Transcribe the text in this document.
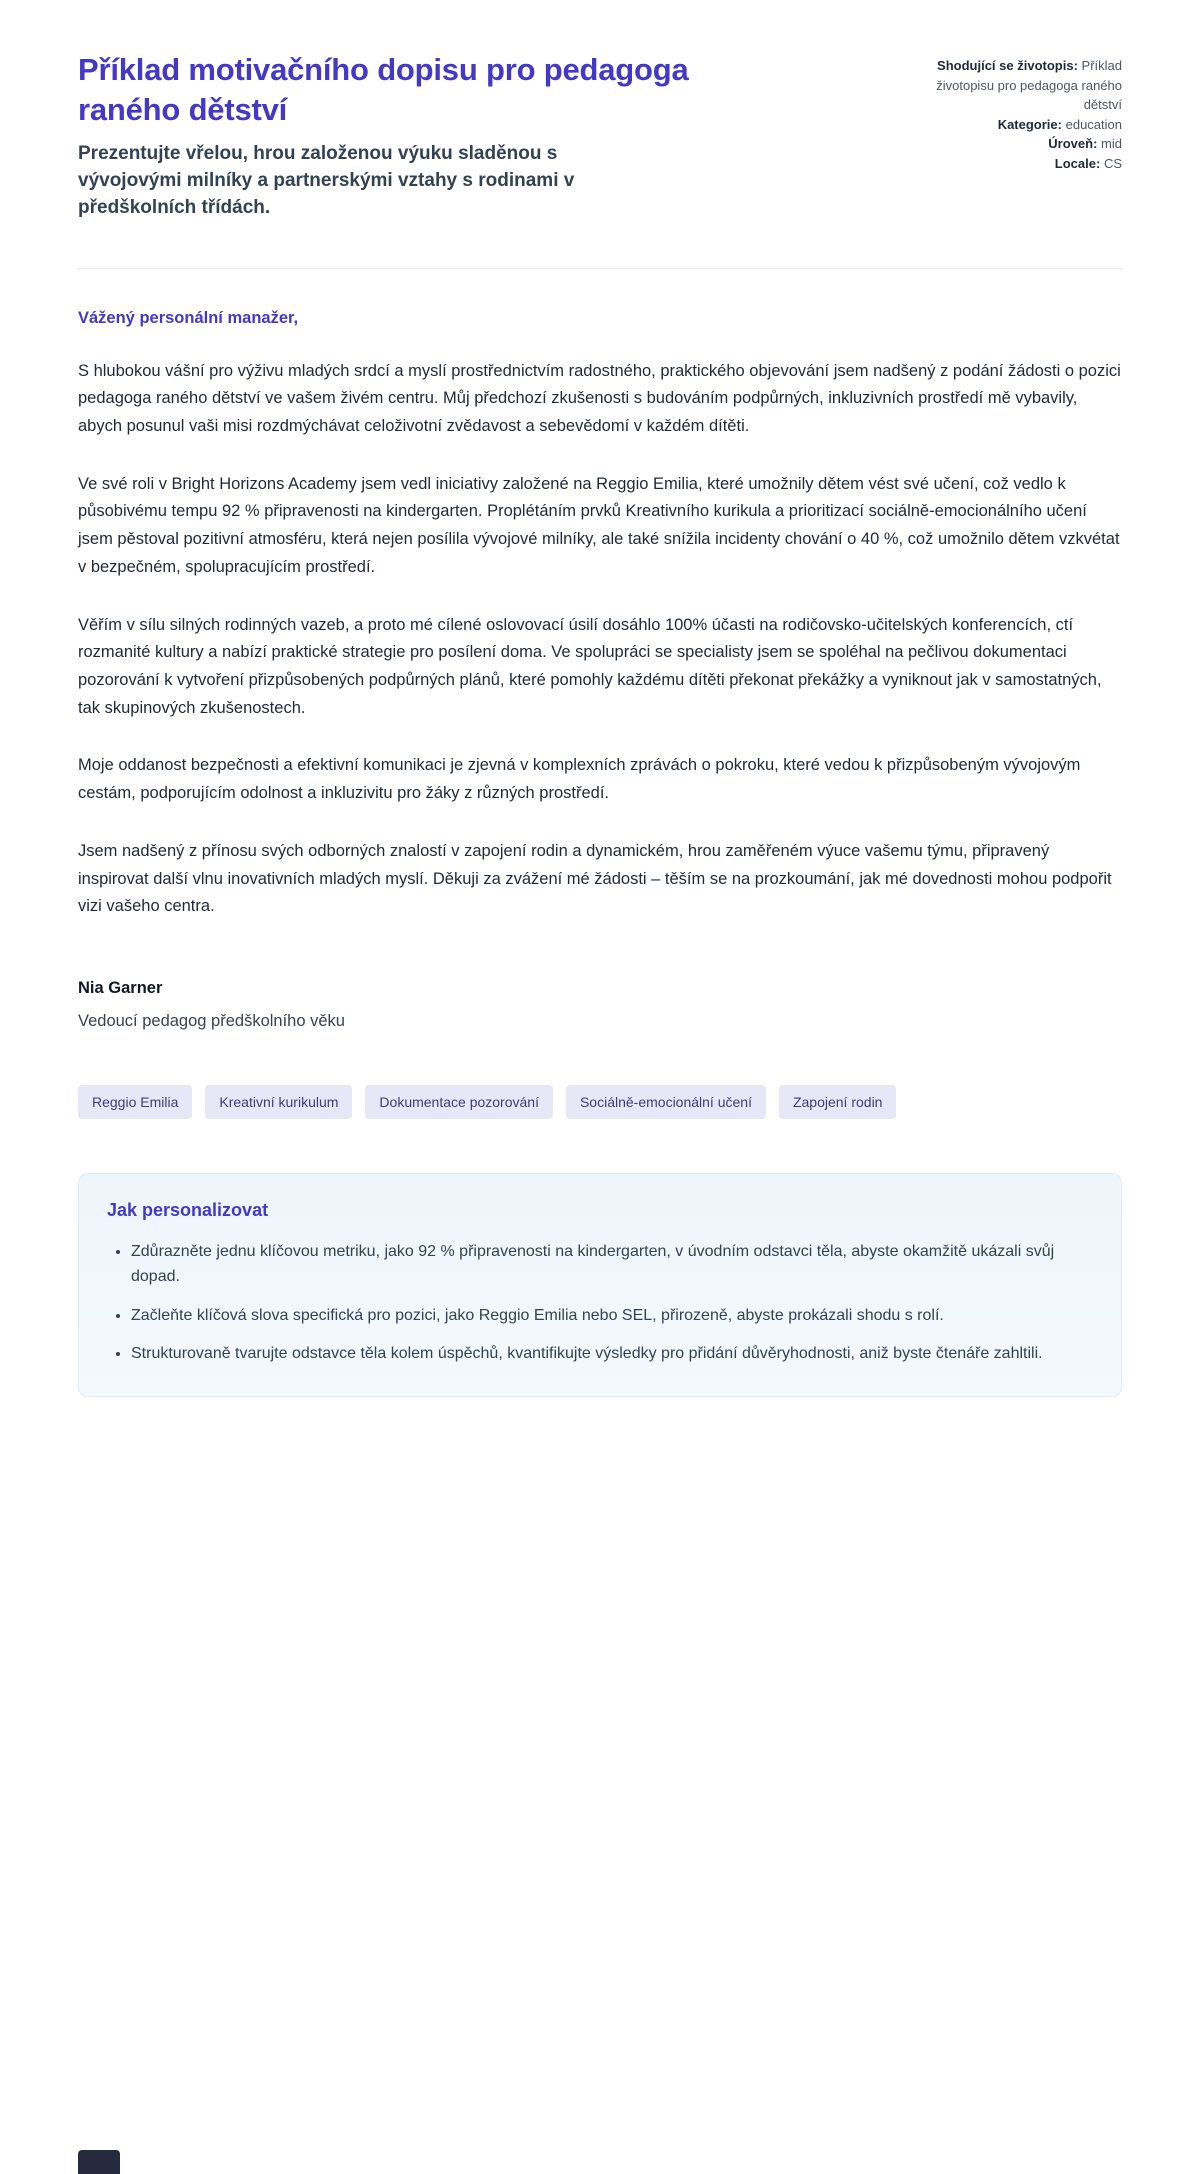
Příklad motivačního dopisu pro pedagoga raného dětství
Prezentujte vřelou, hrou založenou výuku sladěnou s vývojovými milníky a partnerskými vztahy s rodinami v předškolních třídách.
Shodující se životopis: Příklad životopisu pro pedagoga raného dětství
Kategorie: education
Úroveň: mid
Locale: CS
Vážený personální manažer,

S hlubokou vášní pro výživu mladých srdcí a myslí prostřednictvím radostného, praktického objevování jsem nadšený z podání žádosti o pozici pedagoga raného dětství ve vašem živém centru. Můj předchozí zkušenosti s budováním podpůrných, inkluzivních prostředí mě vybavily, abych posunul vaši misi rozdmýchávat celoživotní zvědavost a sebevědomí v každém dítěti.

Ve své roli v Bright Horizons Academy jsem vedl iniciativy založené na Reggio Emilia, které umožnily dětem vést své učení, což vedlo k působivému tempu 92 % připravenosti na kindergarten. Proplétáním prvků Kreativního kurikula a prioritizací sociálně-emocionálního učení jsem pěstoval pozitivní atmosféru, která nejen posílila vývojové milníky, ale také snížila incidenty chování o 40 %, což umožnilo dětem vzkvétat v bezpečném, spolupracujícím prostředí.

Věřím v sílu silných rodinných vazeb, a proto mé cílené oslovovací úsilí dosáhlo 100% účasti na rodičovsko-učitelských konferencích, ctí rozmanité kultury a nabízí praktické strategie pro posílení doma. Ve spolupráci se specialisty jsem se spoléhal na pečlivou dokumentaci pozorování k vytvoření přizpůsobených podpůrných plánů, které pomohly každému dítěti překonat překážky a vyniknout jak v samostatných, tak skupinových zkušenostech.

Moje oddanost bezpečnosti a efektivní komunikaci je zjevná v komplexních zprávách o pokroku, které vedou k přizpůsobeným vývojovým cestám, podporujícím odolnost a inkluzivitu pro žáky z různých prostředí.

Jsem nadšený z přínosu svých odborných znalostí v zapojení rodin a dynamickém, hrou zaměřeném výuce vašemu týmu, připravený inspirovat další vlnu inovativních mladých myslí. Děkuji za zvážení mé žádosti – těším se na prozkoumání, jak mé dovednosti mohou podpořit vizi vašeho centra.

Nia Garner
Vedoucí pedagog předškolního věku
Reggio Emilia	Kreativní kurikulum	Dokumentace pozorování	Sociálně-emocionální učení	Zapojení rodin
Jak personalizovat
• Zdůrazněte jednu klíčovou metriku, jako 92 % připravenosti na kindergarten, v úvodním odstavci těla, abyste okamžitě ukázali svůj dopad.
• Začleňte klíčová slova specifická pro pozici, jako Reggio Emilia nebo SEL, přirozeně, abyste prokázali shodu s rolí.
• Strukturovaně tvarujte odstavce těla kolem úspěchů, kvantifikujte výsledky pro přidání důvěryhodnosti, aniž byste čtenáře zahltili.
